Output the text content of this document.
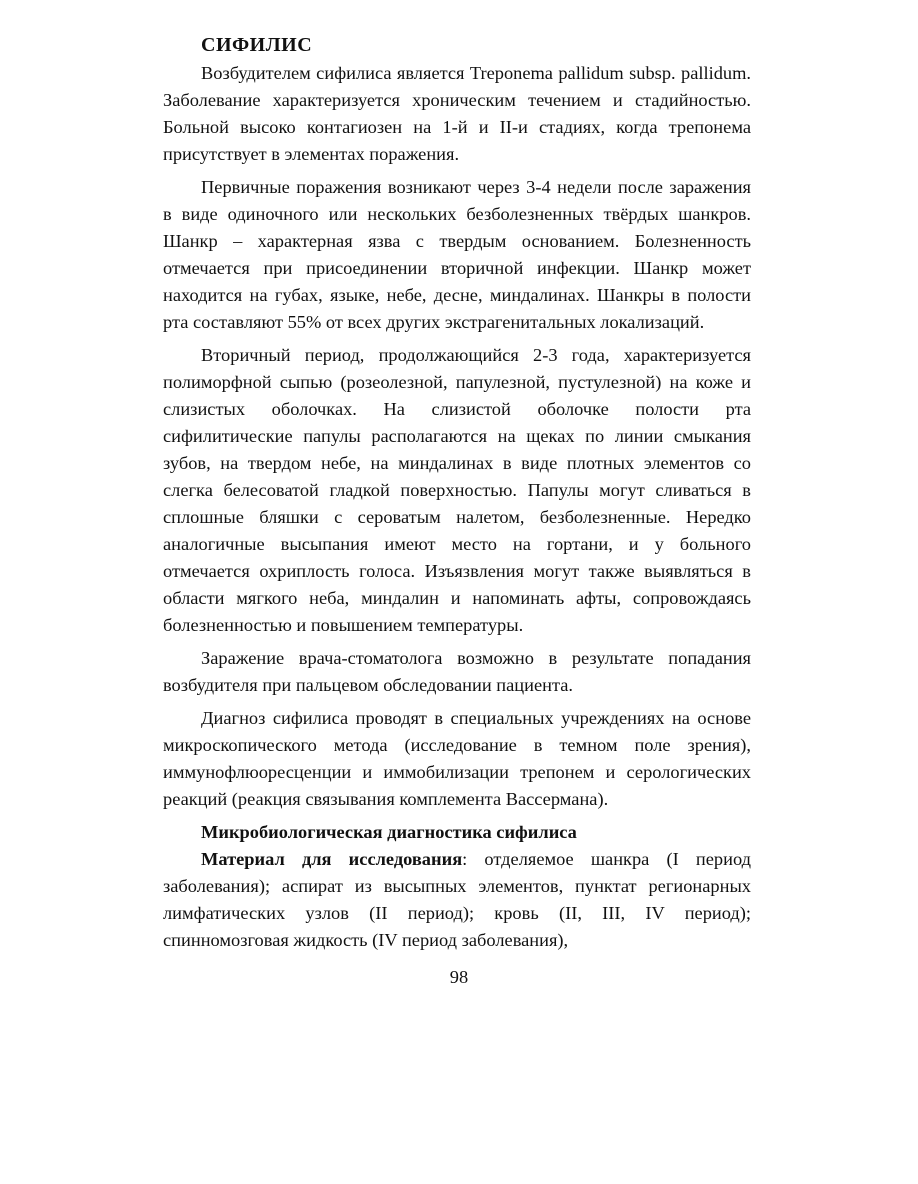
СИФИЛИС

Возбудителем сифилиса является Treponema pallidum subsp. pallidum. Заболевание характеризуется хроническим течением и стадийностью. Больной высоко контагиозен на 1-й и II-и стадиях, когда трепонема присутствует в элементах поражения.

Первичные поражения возникают через 3-4 недели после заражения в виде одиночного или нескольких безболезненных твёрдых шанкров. Шанкр – характерная язва с твердым основанием. Болезненность отмечается при присоединении вторичной инфекции. Шанкр может находится на губах, языке, небе, десне, миндалинах. Шанкры в полости рта составляют 55% от всех других экстрагенитальных локализаций.

Вторичный период, продолжающийся 2-3 года, характеризуется полиморфной сыпью (розеолезной, папулезной, пустулезной) на коже и слизистых оболочках. На слизистой оболочке полости рта сифилитические папулы располагаются на щеках по линии смыкания зубов, на твердом небе, на миндалинах в виде плотных элементов со слегка белесоватой гладкой поверхностью. Папулы могут сливаться в сплошные бляшки с сероватым налетом, безболезненные. Нередко аналогичные высыпания имеют место на гортани, и у больного отмечается охриплость голоса. Изъязвления могут также выявляться в области мягкого неба, миндалин и напоминать афты, сопровождаясь болезненностью и повышением температуры.

Заражение врача-стоматолога возможно в результате попадания возбудителя при пальцевом обследовании пациента.

Диагноз сифилиса проводят в специальных учреждениях на основе микроскопического метода (исследование в темном поле зрения), иммунофлюоресценции и иммобилизации трепонем и серологических реакций (реакция связывания комплемента Вассермана).

Микробиологическая диагностика сифилиса

Материал для исследования: отделяемое шанкра (I период заболевания); аспират из высыпных элементов, пунктат регионарных лимфатических узлов (II период); кровь (II, III, IV период); спинномозговая жидкость (IV период заболевания),

98
